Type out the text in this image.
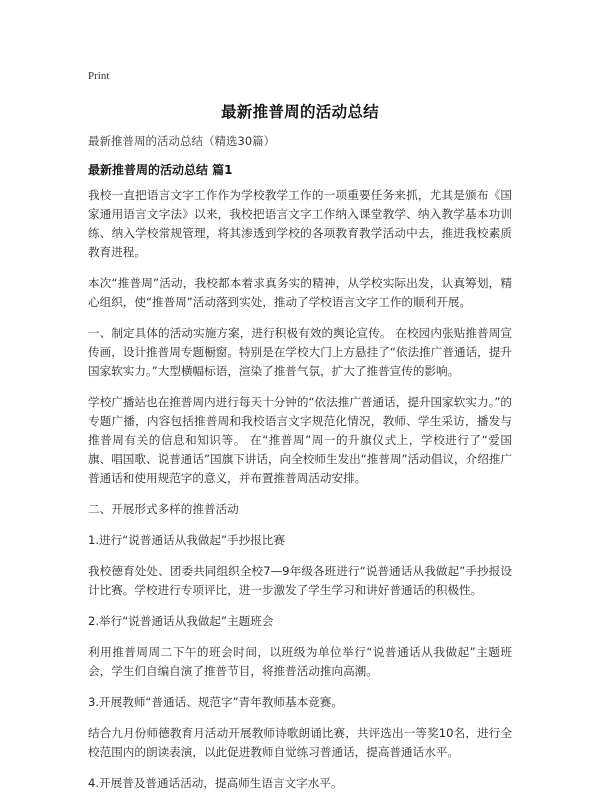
Print
最新推普周的活动总结

最新推普周的活动总结（精选30篇）

最新推普周的活动总结 篇1

我校一直把语言文字工作作为学校教学工作的一项重要任务来抓，尤其是颁布《国家通用语言文字法》以来，我校把语言文字工作纳入课堂教学、纳入教学基本功训练、纳入学校常规管理，将其渗透到学校的各项教育教学活动中去，推进我校素质教育进程。

本次“推普周”活动，我校都本着求真务实的精神，从学校实际出发，认真筹划，精心组织，使“推普周”活动落到实处，推动了学校语言文字工作的顺利开展。

一、制定具体的活动实施方案，进行积极有效的舆论宣传。 在校园内张贴推普周宣传画，设计推普周专题橱窗。特别是在学校大门上方悬挂了“依法推广普通话，提升国家软实力。”大型横幅标语，渲染了推普气氛，扩大了推普宣传的影响。

学校广播站也在推普周内进行每天十分钟的“依法推广普通话，提升国家软实力。”的专题广播，内容包括推普周和我校语言文字规范化情况，教师、学生采访，播发与推普周有关的信息和知识等。 在“推普周”周一的升旗仪式上，学校进行了“爱国旗、唱国歌、说普通话”国旗下讲话，向全校师生发出“推普周”活动倡议，介绍推广普通话和使用规范字的意义，并布置推普周活动安排。

二、开展形式多样的推普活动

1.进行“说普通话从我做起”手抄报比赛

我校德育处处、团委共同组织全校7—9年级各班进行“说普通话从我做起”手抄报设计比赛。学校进行专项评比，进一步激发了学生学习和讲好普通话的积极性。

2.举行“说普通话从我做起”主题班会

利用推普周周二下午的班会时间，以班级为单位举行“说普通话从我做起”主题班会，学生们自编自演了推普节目，将推普活动推向高潮。

3.开展教师“普通话、规范字”青年教师基本竞赛。

结合九月份师德教育月活动开展教师诗歌朗诵比赛，共评选出一等奖10名，进行全校范围内的朗读表演，以此促进教师自觉练习普通话，提高普通话水平。

4.开展普及普通话活动，提高师生语言文字水平。
